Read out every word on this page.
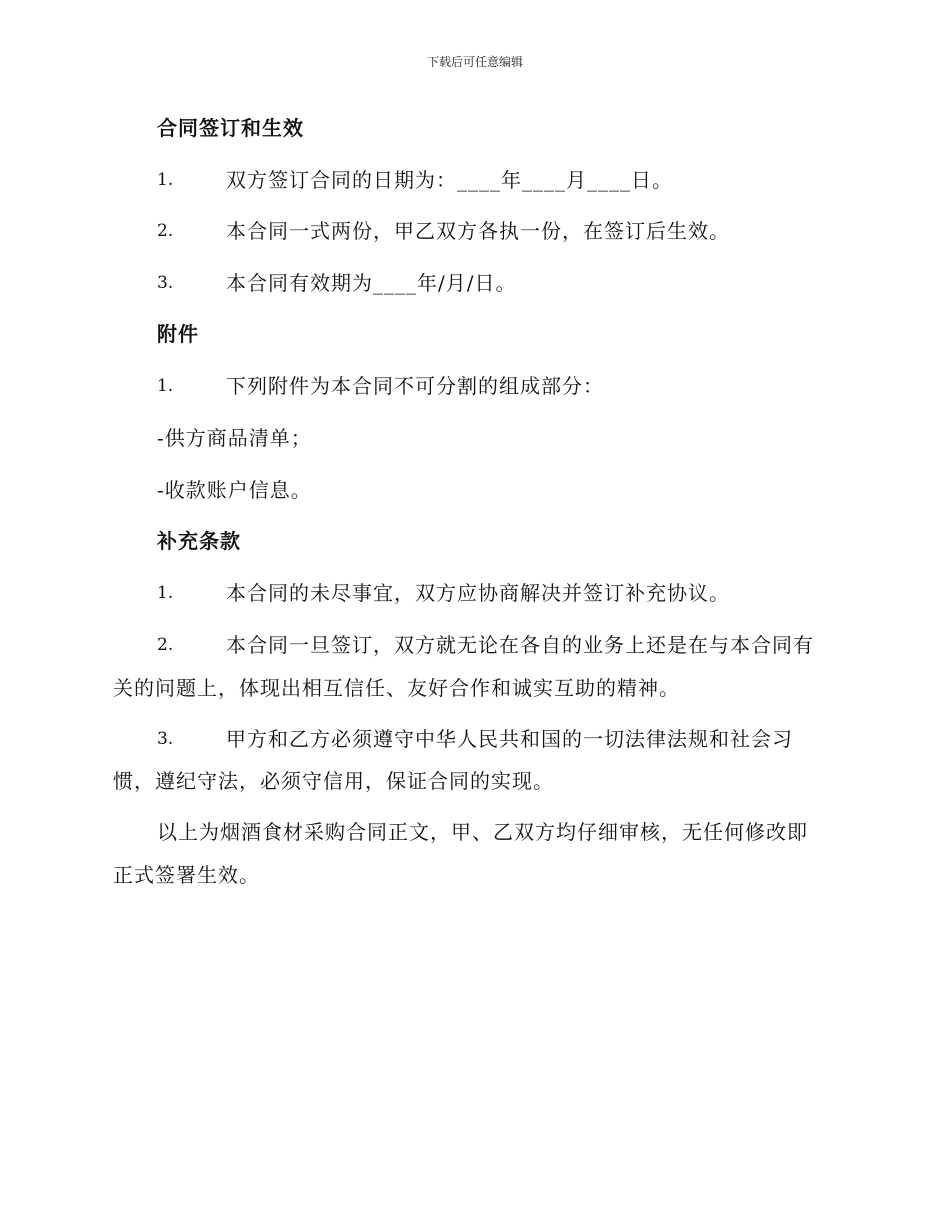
下载后可任意编辑
合同签订和生效
1.	双方签订合同的日期为：____年____月____日。
2.	本合同一式两份，甲乙双方各执一份，在签订后生效。
3.	本合同有效期为____年/月/日。
附件
1.	下列附件为本合同不可分割的组成部分：
-供方商品清单；
-收款账户信息。
补充条款
1.	本合同的未尽事宜，双方应协商解决并签订补充协议。
2.	本合同一旦签订，双方就无论在各自的业务上还是在与本合同有
关的问题上，体现出相互信任、友好合作和诚实互助的精神。
3.	甲方和乙方必须遵守中华人民共和国的一切法律法规和社会习
惯，遵纪守法，必须守信用，保证合同的实现。
以上为烟酒食材采购合同正文，甲、乙双方均仔细审核，无任何修改即
正式签署生效。
